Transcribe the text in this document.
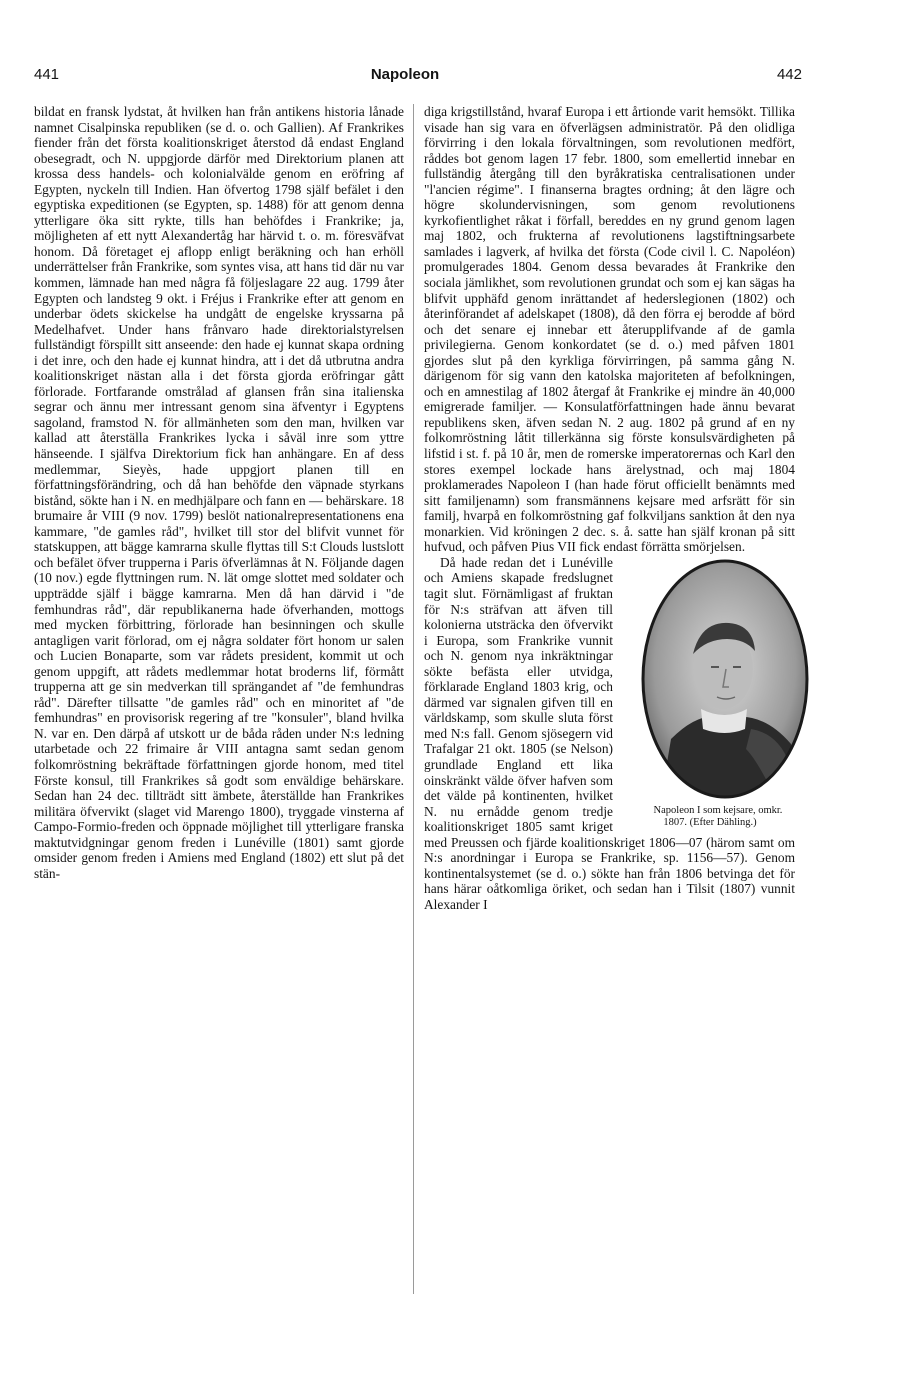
441	Napoleon	442

bildat en fransk lydstat, åt hvilken han från antikens historia lånade namnet Cisalpinska republiken (se d. o. och Gallien). Af Frankrikes fiender från det första koalitionskriget återstod då endast England obesegradt, och N. uppgjorde därför med Direktorium planen att krossa dess handels- och kolonialvälde genom en eröfring af Egypten, nyckeln till Indien. Han öfvertog 1798 själf befälet i den egyptiska expeditionen (se Egypten, sp. 1488) för att genom denna ytterligare öka sitt rykte, tills han behöfdes i Frankrike; ja, möjligheten af ett nytt Alexandertåg har härvid t. o. m. föresväfvat honom. Då företaget ej aflopp enligt beräkning och han erhöll underrättelser från Frankrike, som syntes visa, att hans tid där nu var kommen, lämnade han med några få följeslagare 22 aug. 1799 åter Egypten och landsteg 9 okt. i Fréjus i Frankrike efter att genom en underbar ödets skickelse ha undgått de engelske kryssarna på Medelhafvet. Under hans frånvaro hade direktorialstyrelsen fullständigt förspillt sitt anseende: den hade ej kunnat skapa ordning i det inre, och den hade ej kunnat hindra, att i det då utbrutna andra koalitionskriget nästan alla i det första gjorda eröfringar gått förlorade. Fortfarande omstrålad af glansen från sina italienska segrar och ännu mer intressant genom sina äfventyr i Egyptens sagoland, framstod N. för allmänheten som den man, hvilken var kallad att återställa Frankrikes lycka i såväl inre som yttre hänseende. I själfva Direktorium fick han anhängare. En af dess medlemmar, Sieyès, hade uppgjort planen till en författningsförändring, och då han behöfde den väpnade styrkans bistånd, sökte han i N. en medhjälpare och fann en — behärskare. 18 brumaire år VIII (9 nov. 1799) beslöt nationalrepresentationens ena kammare, "de gamles råd", hvilket till stor del blifvit vunnet för statskuppen, att bägge kamrarna skulle flyttas till S:t Clouds lustslott och befälet öfver trupperna i Paris öfverlämnas åt N. Följande dagen (10 nov.) egde flyttningen rum. N. lät omge slottet med soldater och uppträdde själf i bägge kamrarna. Men då han därvid i "de femhundras råd", där republikanerna hade öfverhanden, mottogs med mycken förbittring, förlorade han besinningen och skulle antagligen varit förlorad, om ej några soldater fört honom ur salen och Lucien Bonaparte, som var rådets president, kommit ut och genom uppgift, att rådets medlemmar hotat broderns lif, förmått trupperna att ge sin medverkan till sprängandet af "de femhundras råd". Därefter tillsatte "de gamles råd" och en minoritet af "de femhundras" en provisorisk regering af tre "konsuler", bland hvilka N. var en. Den därpå af utskott ur de båda råden under N:s ledning utarbetade och 22 frimaire år VIII antagna samt sedan genom folkomröstning bekräftade författningen gjorde honom, med titel Förste konsul, till Frankrikes så godt som enväldige behärskare. Sedan han 24 dec. tillträdt sitt ämbete, återställde han Frankrikes militära öfvervikt (slaget vid Marengo 1800), tryggade vinsterna af Campo-Formio-freden och öppnade möjlighet till ytterligare franska maktutvidgningar genom freden i Lunéville (1801) samt gjorde omsider genom freden i Amiens med England (1802) ett slut på det stän-

diga krigstillstånd, hvaraf Europa i ett årtionde varit hemsökt. Tillika visade han sig vara en öfverlägsen administratör. På den olidliga förvirring i den lokala förvaltningen, som revolutionen medfört, råddes bot genom lagen 17 febr. 1800, som emellertid innebar en fullständig återgång till den byråkratiska centralisationen under "l'ancien régime". I finanserna bragtes ordning; åt den lägre och högre skolundervisningen, som genom revolutionens kyrkofientlighet råkat i förfall, bereddes en ny grund genom lagen maj 1802, och frukterna af revolutionens lagstiftningsarbete samlades i lagverk, af hvilka det första (Code civil l. C. Napoléon) promulgerades 1804. Genom dessa bevarades åt Frankrike den sociala jämlikhet, som revolutionen grundat och som ej kan sägas ha blifvit upphäfd genom inrättandet af hederslegionen (1802) och återinförandet af adelskapet (1808), då den förra ej berodde af börd och det senare ej innebar ett återupplifvande af de gamla privilegierna. Genom konkordatet (se d. o.) med påfven 1801 gjordes slut på den kyrkliga förvirringen, på samma gång N. därigenom för sig vann den katolska majoriteten af befolkningen, och en amnestilag af 1802 återgaf åt Frankrike ej mindre än 40,000 emigrerade familjer. — Konsulatförfattningen hade ännu bevarat republikens sken, äfven sedan N. 2 aug. 1802 på grund af en ny folkomröstning låtit tillerkänna sig förste konsulsvärdigheten på lifstid i st. f. på 10 år, men de romerske imperatorernas och Karl den stores exempel lockade hans ärelystnad, och maj 1804 proklamerades Napoleon I (han hade förut officiellt benämnts med sitt familjenamn) som fransmännens kejsare med arfsrätt för sin familj, hvarpå en folkomröstning gaf folkviljans sanktion åt den nya monarkien. Vid kröningen 2 dec. s. å. satte han själf kronan på sitt hufvud, och påfven Pius VII fick endast förrätta smörjelsen.

Napoleon I som kejsare, omkr. 1807. (Efter Dähling.)
Då hade redan det i Lunéville och Amiens skapade fredslugnet tagit slut. Förnämligast af fruktan för N:s sträfvan att äfven till kolonierna utsträcka den öfvervikt i Europa, som Frankrike vunnit och N. genom nya inkräktningar sökte befästa eller utvidga, förklarade England 1803 krig, och därmed var signalen gifven till en världskamp, som skulle sluta först med N:s fall. Genom sjösegern vid Trafalgar 21 okt. 1805 (se Nelson) grundlade England ett lika oinskränkt välde öfver hafven som det välde på kontinenten, hvilket N. nu ernådde genom tredje koalitionskriget 1805 samt kriget med Preussen och fjärde koalitionskriget 1806—07 (härom samt om N:s anordningar i Europa se Frankrike, sp. 1156—57). Genom kontinentalsystemet (se d. o.) sökte han från 1806 betvinga det för hans härar oåtkomliga öriket, och sedan han i Tilsit (1807) vunnit Alexander I
